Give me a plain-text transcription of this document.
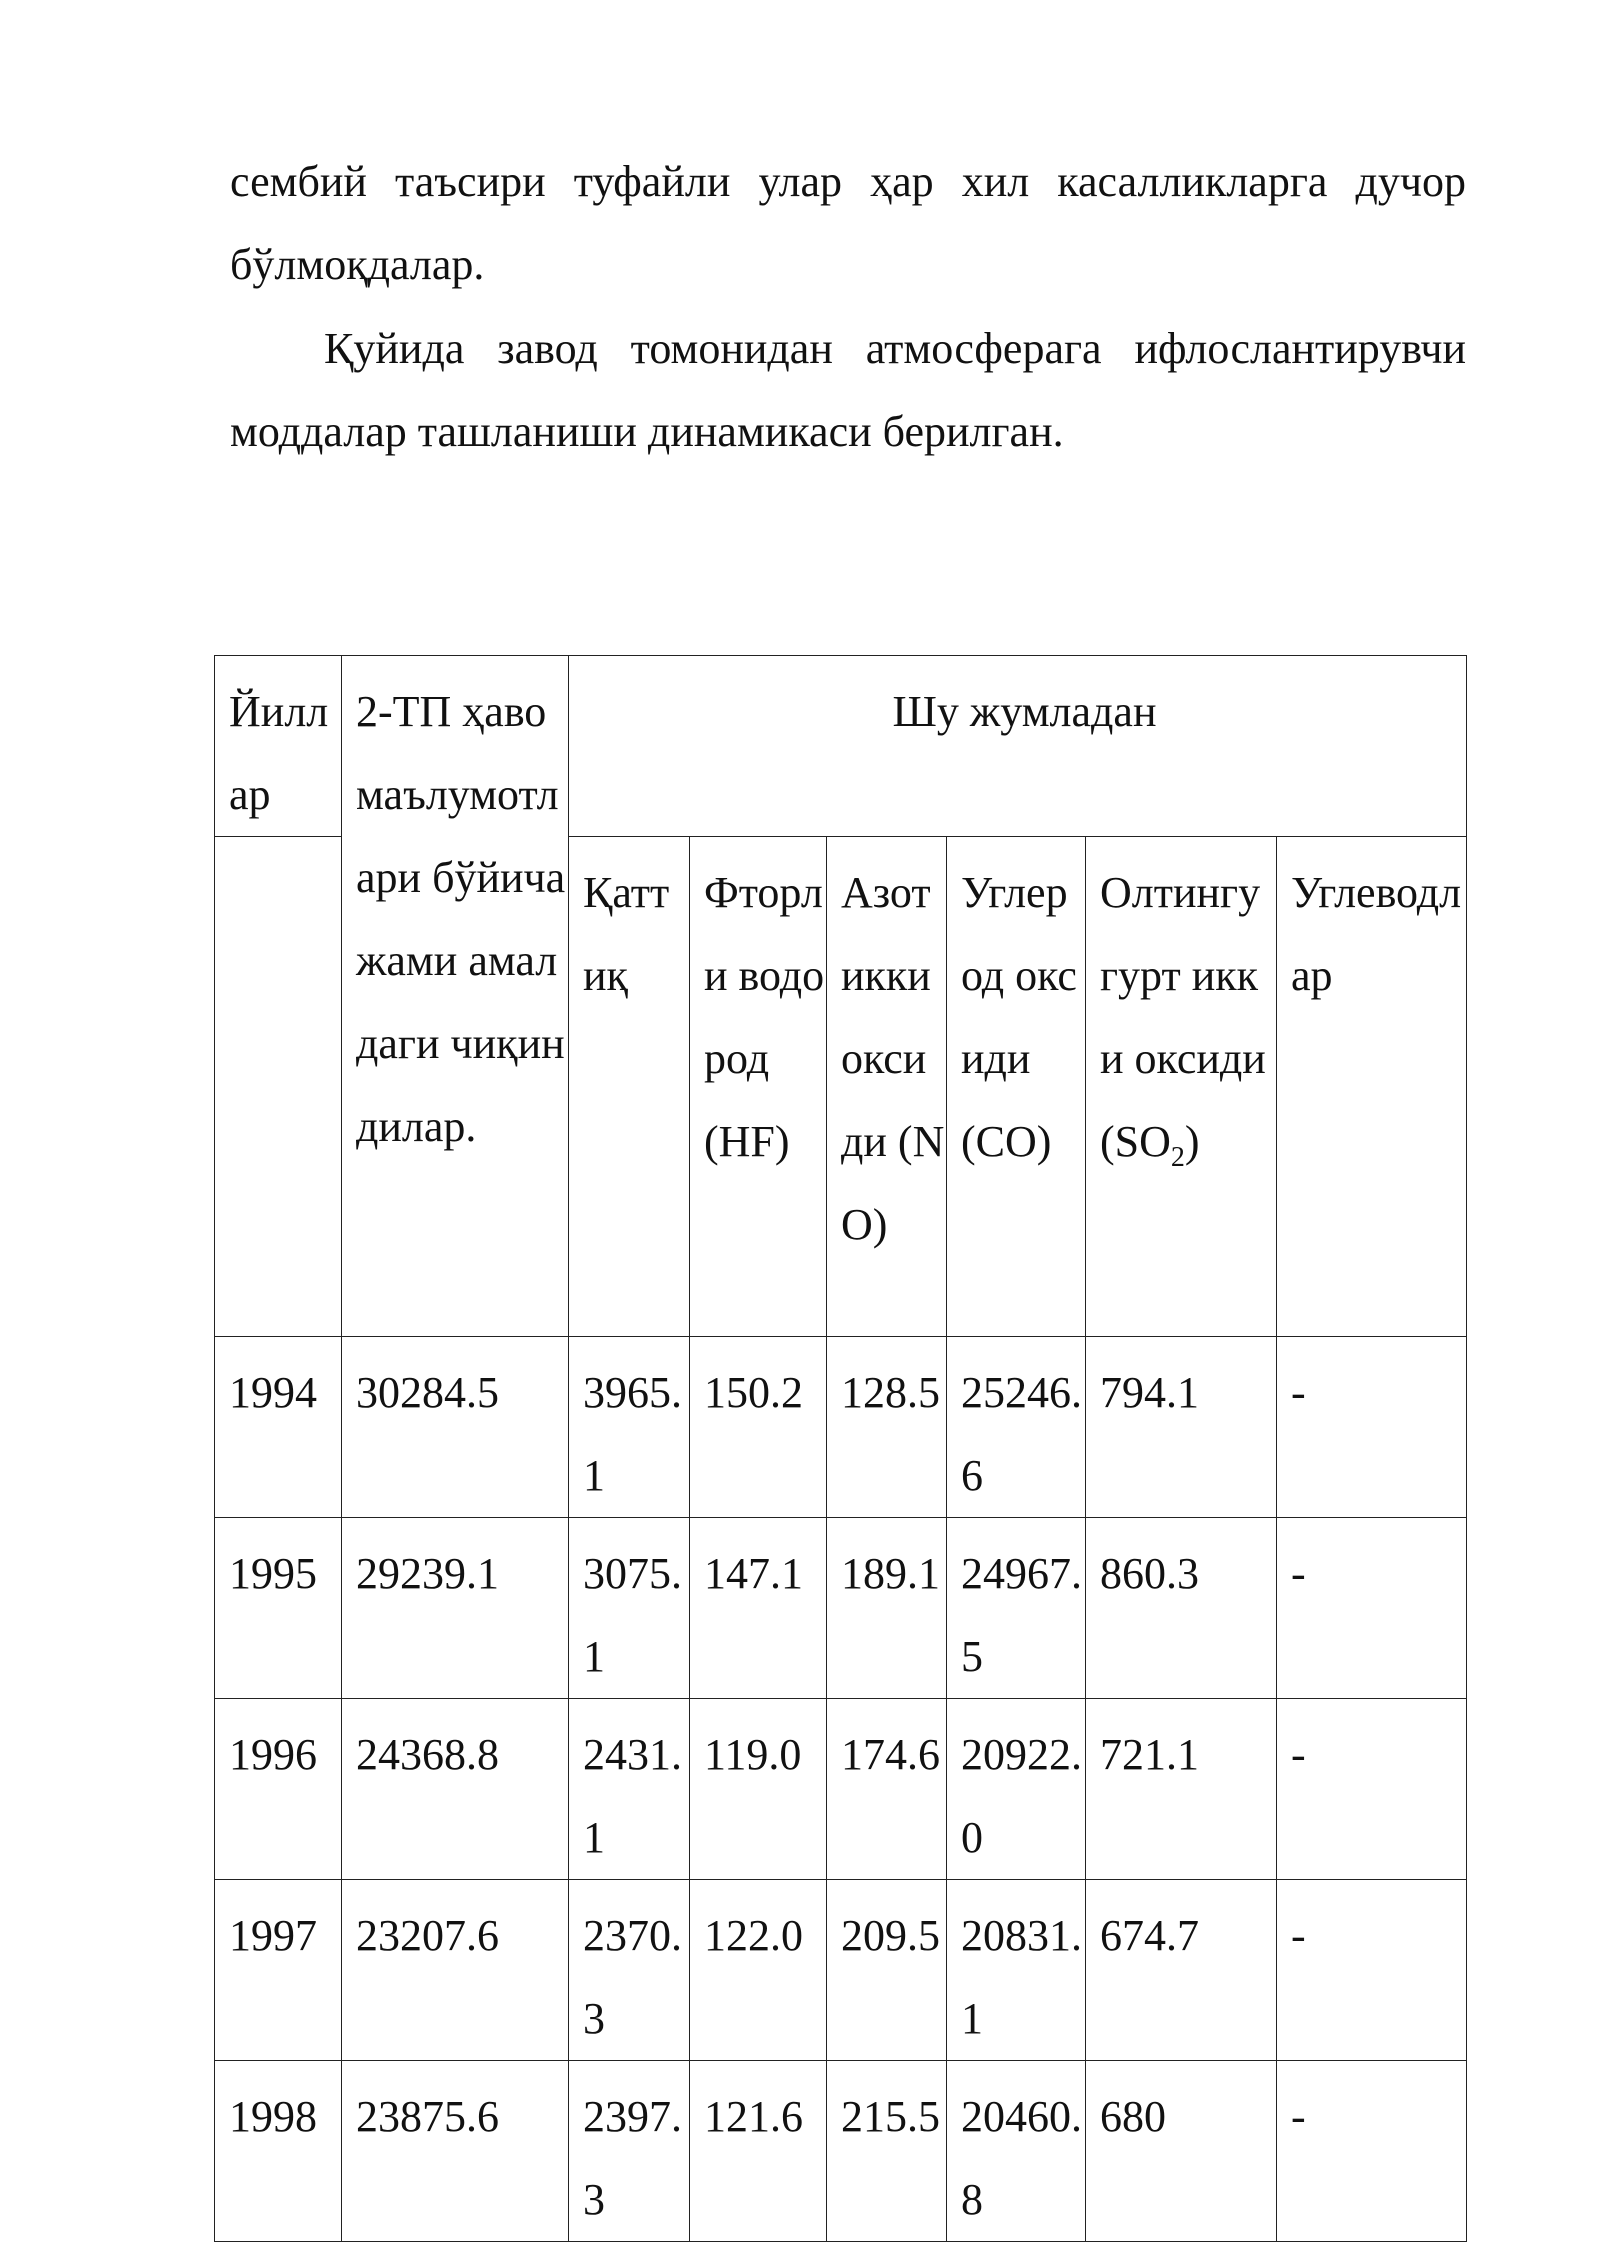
сембий таъсири туфайли улар ҳар хил касалликларга дучор бўлмоқдалар.

Қуйида завод томонидан атмосферага ифлослантирувчи моддалар ташланиши динамикаси берилган.

Йиллар	2-ТП ҳаво маълумотлари бўйича жами амалдаги чиқиндилар.	Шу жумладан					
		Қаттиқ	Фторли водород (HF)	Азот икки оксиди (NO)	Углерод оксиди (CO)	Олтингугурт икки оксиди $(SO_2)$	Углеводлар
1994	30284.5	3965.1	150.2	128.5	25246.6	794.1	-
1995	29239.1	3075.1	147.1	189.1	24967.5	860.3	-
1996	24368.8	2431.1	119.0	174.6	20922.0	721.1	-
1997	23207.6	2370.3	122.0	209.5	20831.1	674.7	-
1998	23875.6	2397.3	121.6	215.5	20460.8	680	-
